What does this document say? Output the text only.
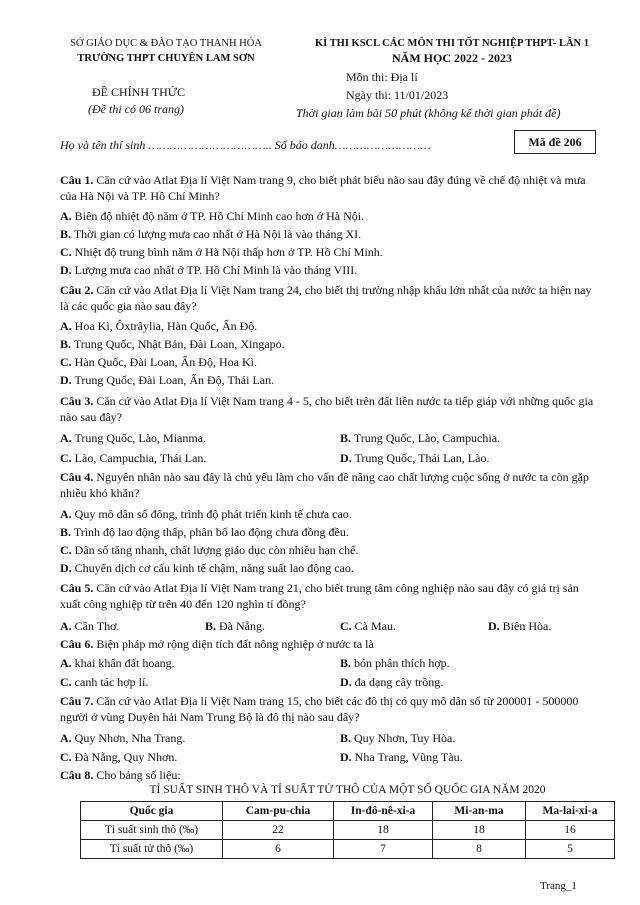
SỞ GIÁO DỤC & ĐÀO TẠO THANH HÓA
TRƯỜNG THPT CHUYÊN LAM SƠN
KÌ THI KSCL CÁC MÔN THI TỐT NGHIỆP THPT- LẦN 1
NĂM HỌC 2022 - 2023
ĐỀ CHÍNH THỨC
(Đề thi có 06 trang)
Môn thi: Địa lí
Ngày thi: 11/01/2023
Thời gian làm bài 50 phút (không kể thời gian phát đề)
Họ và tên thí sinh …………………………….. Số báo danh………………………	Mã đề 206
Câu 1. Căn cứ vào Atlat Địa lí Việt Nam trang 9, cho biết phát biểu nào sau đây đúng về chế độ nhiệt và mưa của Hà Nội và TP. Hồ Chí Minh?
A. Biên độ nhiệt độ năm ở TP. Hồ Chí Minh cao hơn ở Hà Nội.
B. Thời gian có lượng mưa cao nhất ở Hà Nội là vào tháng XI.
C. Nhiệt độ trung bình năm ở Hà Nội thấp hơn ở TP. Hồ Chí Minh.
D. Lượng mưa cao nhất ở TP. Hồ Chí Minh là vào tháng VIII.
Câu 2. Căn cứ vào Atlat Địa lí Việt Nam trang 24, cho biết thị trường nhập khẩu lớn nhất của nước ta hiện nay là các quốc gia nào sau đây?
A. Hoa Kì, Ôxtrâylia, Hàn Quốc, Ấn Độ.
B. Trung Quốc, Nhật Bản, Đài Loan, Xingapo.
C. Hàn Quốc, Đài Loan, Ấn Độ, Hoa Kì.
D. Trung Quốc, Đài Loan, Ấn Độ, Thái Lan.
Câu 3. Căn cứ vào Atlat Địa lí Việt Nam trang 4 - 5, cho biết trên đất liền nước ta tiếp giáp với những quốc gia nào sau đây?
A. Trung Quốc, Lào, Mianma.	B. Trung Quốc, Lào, Campuchia.
C. Lào, Campuchia, Thái Lan.	D. Trung Quốc, Thái Lan, Lào.
Câu 4. Nguyên nhân nào sau đây là chủ yếu làm cho vấn đề nâng cao chất lượng cuộc sống ở nước ta còn gặp nhiều khó khăn?
A. Quy mô dân số đông, trình độ phát triển kinh tế chưa cao.
B. Trình độ lao động thấp, phân bố lao động chưa đồng đều.
C. Dân số tăng nhanh, chất lượng giáo dục còn nhiều hạn chế.
D. Chuyển dịch cơ cấu kinh tế chậm, năng suất lao động cao.
Câu 5. Căn cứ vào Atlat Địa lí Việt Nam trang 21, cho biết trung tâm công nghiệp nào sau đây có giá trị sản xuất công nghiệp từ trên 40 đến 120 nghìn tỉ đồng?
A. Cần Thơ.	B. Đà Nẵng.	C. Cà Mau.	D. Biên Hòa.
Câu 6. Biện pháp mở rộng diện tích đất nông nghiệp ở nước ta là
A. khai khẩn đất hoang.	B. bón phân thích hợp.
C. canh tác hợp lí.	D. đa dạng cây trồng.
Câu 7. Căn cứ vào Atlat Địa lí Việt Nam trang 15, cho biết các đô thị có quy mô dân số từ 200001 - 500000 người ở vùng Duyên hải Nam Trung Bộ là đô thị nào sau đây?
A. Quy Nhơn, Nha Trang.	B. Quy Nhơn, Tuy Hòa.
C. Đà Nẵng, Quy Nhơn.	D. Nha Trang, Vũng Tàu.
Câu 8. Cho bảng số liệu:
TỈ SUẤT SINH THÔ VÀ TỈ SUẤT TỬ THÔ CỦA MỘT SỐ QUỐC GIA NĂM 2020
Quốc gia	Cam-pu-chia	In-đô-nê-xi-a	Mi-an-ma	Ma-lai-xi-a
Tỉ suất sinh thô (‰)	22	18	18	16
Tỉ suất tử thô (‰)	6	7	8	5
Trang_1
